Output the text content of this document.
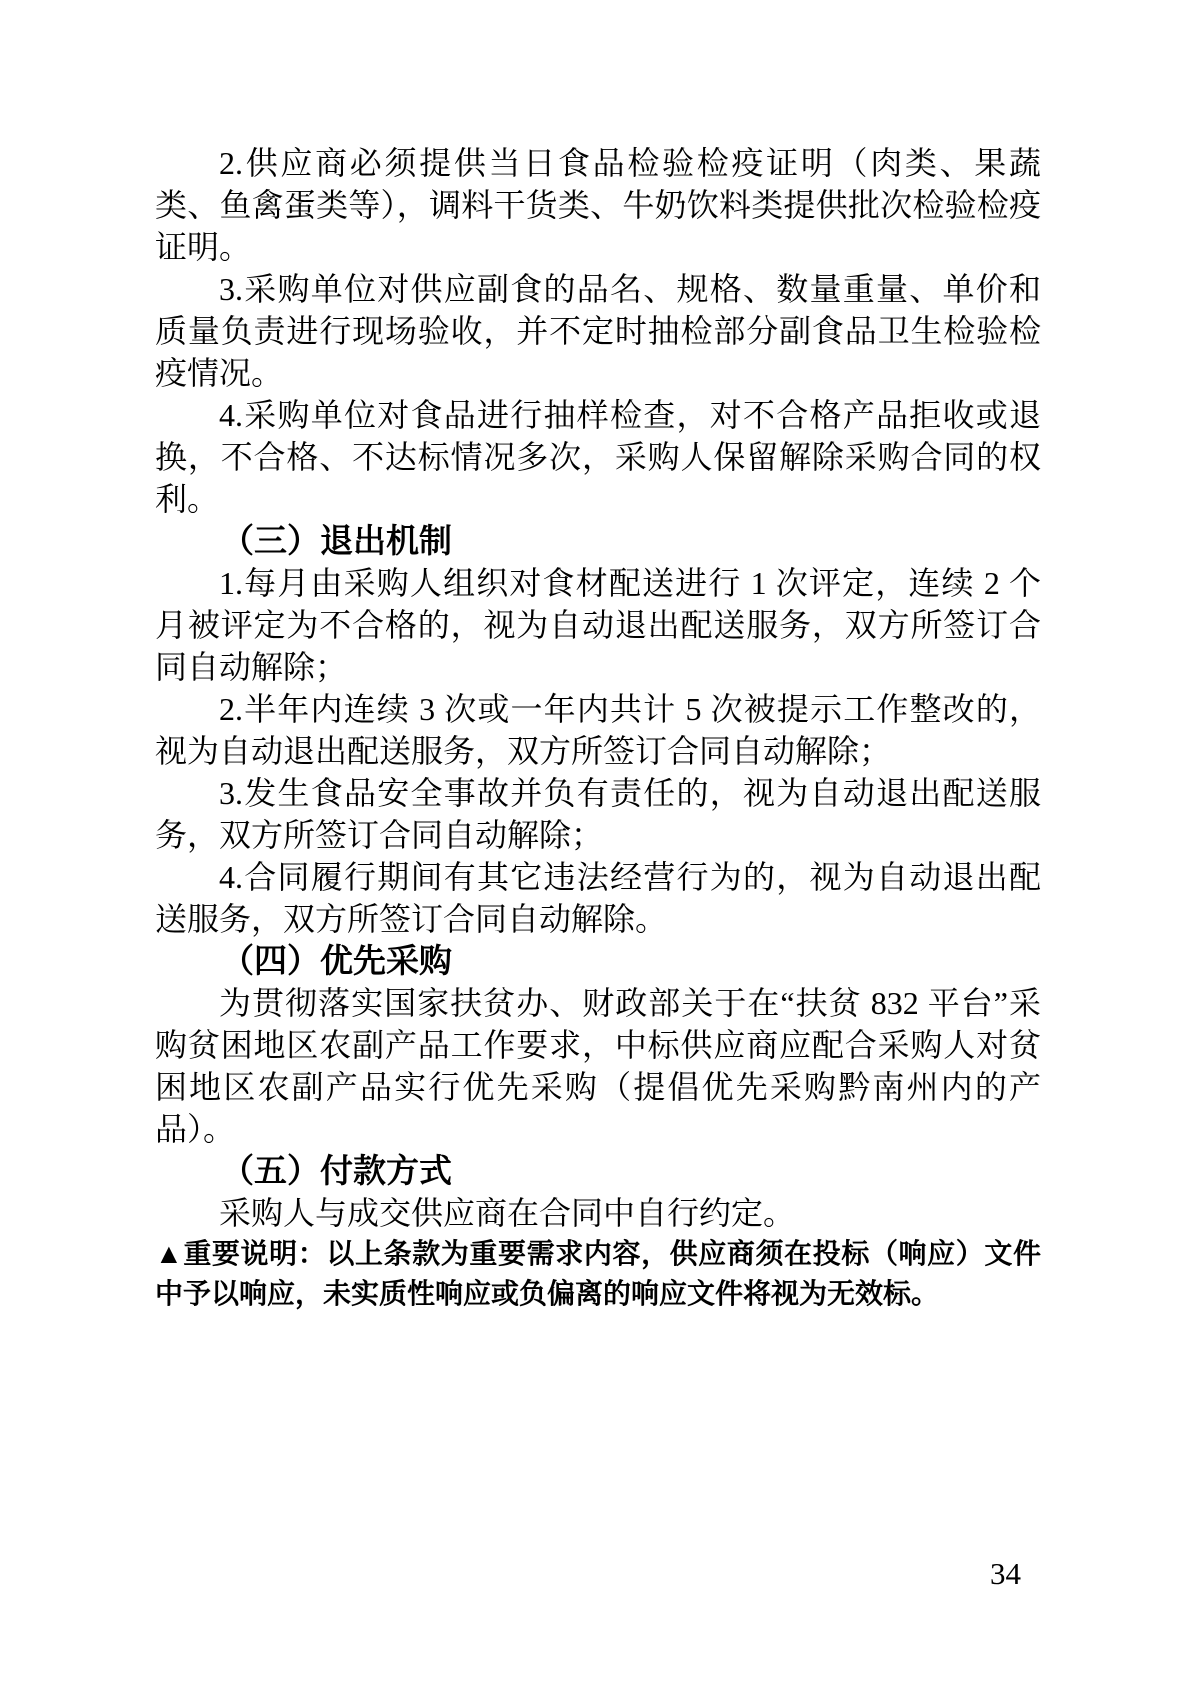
2.供应商必须提供当日食品检验检疫证明（肉类、果蔬类、鱼禽蛋类等），调料干货类、牛奶饮料类提供批次检验检疫证明。

3.采购单位对供应副食的品名、规格、数量重量、单价和质量负责进行现场验收，并不定时抽检部分副食品卫生检验检疫情况。

4.采购单位对食品进行抽样检查，对不合格产品拒收或退换，不合格、不达标情况多次，采购人保留解除采购合同的权利。

（三）退出机制

1.每月由采购人组织对食材配送进行 1 次评定，连续 2 个月被评定为不合格的，视为自动退出配送服务，双方所签订合同自动解除；

2.半年内连续 3 次或一年内共计 5 次被提示工作整改的，视为自动退出配送服务，双方所签订合同自动解除；

3.发生食品安全事故并负有责任的，视为自动退出配送服务，双方所签订合同自动解除；

4.合同履行期间有其它违法经营行为的，视为自动退出配送服务，双方所签订合同自动解除。

（四）优先采购

为贯彻落实国家扶贫办、财政部关于在“扶贫 832 平台”采购贫困地区农副产品工作要求，中标供应商应配合采购人对贫困地区农副产品实行优先采购（提倡优先采购黔南州内的产品）。

（五）付款方式

采购人与成交供应商在合同中自行约定。

▲重要说明：以上条款为重要需求内容，供应商须在投标（响应）文件中予以响应，未实质性响应或负偏离的响应文件将视为无效标。

34
